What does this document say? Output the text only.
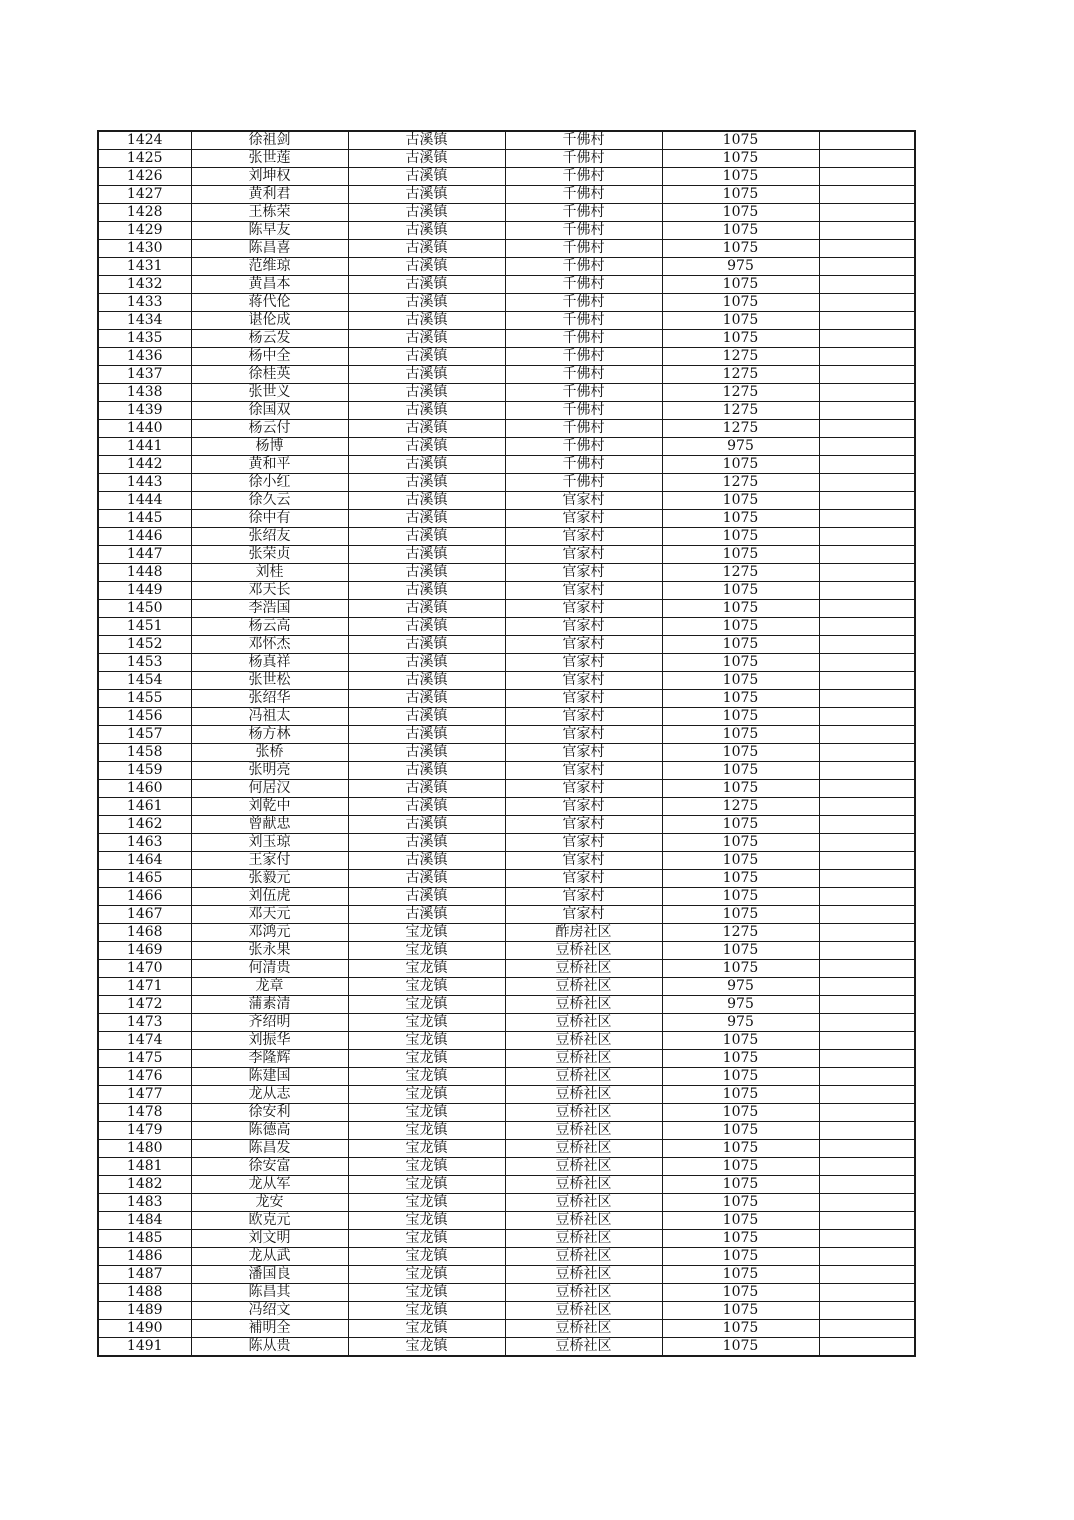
1424	徐祖剑	古溪镇	千佛村	1075	
1425	张世莲	古溪镇	千佛村	1075	
1426	刘坤权	古溪镇	千佛村	1075	
1427	黄利君	古溪镇	千佛村	1075	
1428	王栋荣	古溪镇	千佛村	1075	
1429	陈早友	古溪镇	千佛村	1075	
1430	陈昌喜	古溪镇	千佛村	1075	
1431	范维琼	古溪镇	千佛村	975	
1432	黄昌本	古溪镇	千佛村	1075	
1433	蒋代伦	古溪镇	千佛村	1075	
1434	谌伦成	古溪镇	千佛村	1075	
1435	杨云发	古溪镇	千佛村	1075	
1436	杨中全	古溪镇	千佛村	1275	
1437	徐桂英	古溪镇	千佛村	1275	
1438	张世义	古溪镇	千佛村	1275	
1439	徐国双	古溪镇	千佛村	1275	
1440	杨云付	古溪镇	千佛村	1275	
1441	杨博	古溪镇	千佛村	975	
1442	黄和平	古溪镇	千佛村	1075	
1443	徐小红	古溪镇	千佛村	1275	
1444	徐久云	古溪镇	官家村	1075	
1445	徐中有	古溪镇	官家村	1075	
1446	张绍友	古溪镇	官家村	1075	
1447	张荣贞	古溪镇	官家村	1075	
1448	刘桂	古溪镇	官家村	1275	
1449	邓天长	古溪镇	官家村	1075	
1450	李浩国	古溪镇	官家村	1075	
1451	杨云高	古溪镇	官家村	1075	
1452	邓怀杰	古溪镇	官家村	1075	
1453	杨真祥	古溪镇	官家村	1075	
1454	张世松	古溪镇	官家村	1075	
1455	张绍华	古溪镇	官家村	1075	
1456	冯祖太	古溪镇	官家村	1075	
1457	杨方林	古溪镇	官家村	1075	
1458	张桥	古溪镇	官家村	1075	
1459	张明亮	古溪镇	官家村	1075	
1460	何居汉	古溪镇	官家村	1075	
1461	刘乾中	古溪镇	官家村	1275	
1462	曾献忠	古溪镇	官家村	1075	
1463	刘玉琼	古溪镇	官家村	1075	
1464	王家付	古溪镇	官家村	1075	
1465	张毅元	古溪镇	官家村	1075	
1466	刘伍虎	古溪镇	官家村	1075	
1467	邓天元	古溪镇	官家村	1075	
1468	邓鸿元	宝龙镇	酢房社区	1275	
1469	张永果	宝龙镇	豆桥社区	1075	
1470	何清贵	宝龙镇	豆桥社区	1075	
1471	龙章	宝龙镇	豆桥社区	975	
1472	蒲素清	宝龙镇	豆桥社区	975	
1473	齐绍明	宝龙镇	豆桥社区	975	
1474	刘振华	宝龙镇	豆桥社区	1075	
1475	李隆辉	宝龙镇	豆桥社区	1075	
1476	陈建国	宝龙镇	豆桥社区	1075	
1477	龙从志	宝龙镇	豆桥社区	1075	
1478	徐安利	宝龙镇	豆桥社区	1075	
1479	陈德高	宝龙镇	豆桥社区	1075	
1480	陈昌发	宝龙镇	豆桥社区	1075	
1481	徐安富	宝龙镇	豆桥社区	1075	
1482	龙从军	宝龙镇	豆桥社区	1075	
1483	龙安	宝龙镇	豆桥社区	1075	
1484	欧克元	宝龙镇	豆桥社区	1075	
1485	刘文明	宝龙镇	豆桥社区	1075	
1486	龙从武	宝龙镇	豆桥社区	1075	
1487	潘国良	宝龙镇	豆桥社区	1075	
1488	陈昌其	宝龙镇	豆桥社区	1075	
1489	冯绍文	宝龙镇	豆桥社区	1075	
1490	補明全	宝龙镇	豆桥社区	1075	
1491	陈从贵	宝龙镇	豆桥社区	1075	
